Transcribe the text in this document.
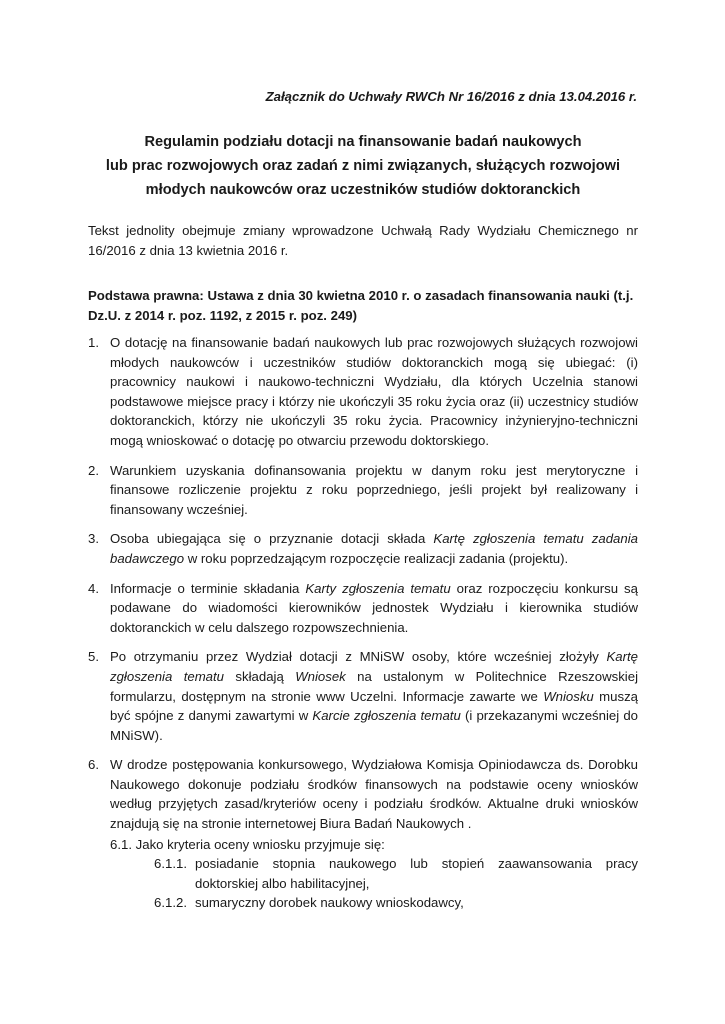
Załącznik do Uchwały RWCh Nr 16/2016 z dnia 13.04.2016 r.
Regulamin podziału dotacji na finansowanie badań naukowych
lub prac rozwojowych oraz zadań z nimi związanych, służących rozwojowi
młodych naukowców oraz uczestników studiów doktoranckich
Tekst jednolity obejmuje zmiany wprowadzone Uchwałą Rady Wydziału Chemicznego nr 16/2016 z dnia 13 kwietnia 2016 r.
Podstawa prawna: Ustawa z dnia 30 kwietna 2010 r. o zasadach finansowania nauki (t.j. Dz.U. z 2014 r. poz. 1192, z 2015 r. poz. 249)
1. O dotację na finansowanie badań naukowych lub prac rozwojowych służących rozwojowi młodych naukowców i uczestników studiów doktoranckich mogą się ubiegać: (i) pracownicy naukowi i naukowo-techniczni Wydziału, dla których Uczelnia stanowi podstawowe miejsce pracy i którzy nie ukończyli 35 roku życia oraz (ii) uczestnicy studiów doktoranckich, którzy nie ukończyli 35 roku życia. Pracownicy inżynieryjno-techniczni mogą wnioskować o dotację po otwarciu przewodu doktorskiego.
2. Warunkiem uzyskania dofinansowania projektu w danym roku jest merytoryczne i finansowe rozliczenie projektu z roku poprzedniego, jeśli projekt był realizowany i finansowany wcześniej.
3. Osoba ubiegająca się o przyznanie dotacji składa Kartę zgłoszenia tematu zadania badawczego w roku poprzedzającym rozpoczęcie realizacji zadania (projektu).
4. Informacje o terminie składania Karty zgłoszenia tematu oraz rozpoczęciu konkursu są podawane do wiadomości kierowników jednostek Wydziału i kierownika studiów doktoranckich w celu dalszego rozpowszechnienia.
5. Po otrzymaniu przez Wydział dotacji z MNiSW osoby, które wcześniej złożyły Kartę zgłoszenia tematu składają Wniosek na ustalonym w Politechnice Rzeszowskiej formularzu, dostępnym na stronie www Uczelni. Informacje zawarte we Wniosku muszą być spójne z danymi zawartymi w Karcie zgłoszenia tematu (i przekazanymi wcześniej do MNiSW).
6. W drodze postępowania konkursowego, Wydziałowa Komisja Opiniodawcza ds. Dorobku Naukowego dokonuje podziału środków finansowych na podstawie oceny wniosków według przyjętych zasad/kryteriów oceny i podziału środków. Aktualne druki wniosków znajdują się na stronie internetowej Biura Badań Naukowych .
6.1. Jako kryteria oceny wniosku przyjmuje się:
6.1.1. posiadanie stopnia naukowego lub stopień zaawansowania pracy doktorskiej albo habilitacyjnej,
6.1.2. sumaryczny dorobek naukowy wnioskodawcy,
